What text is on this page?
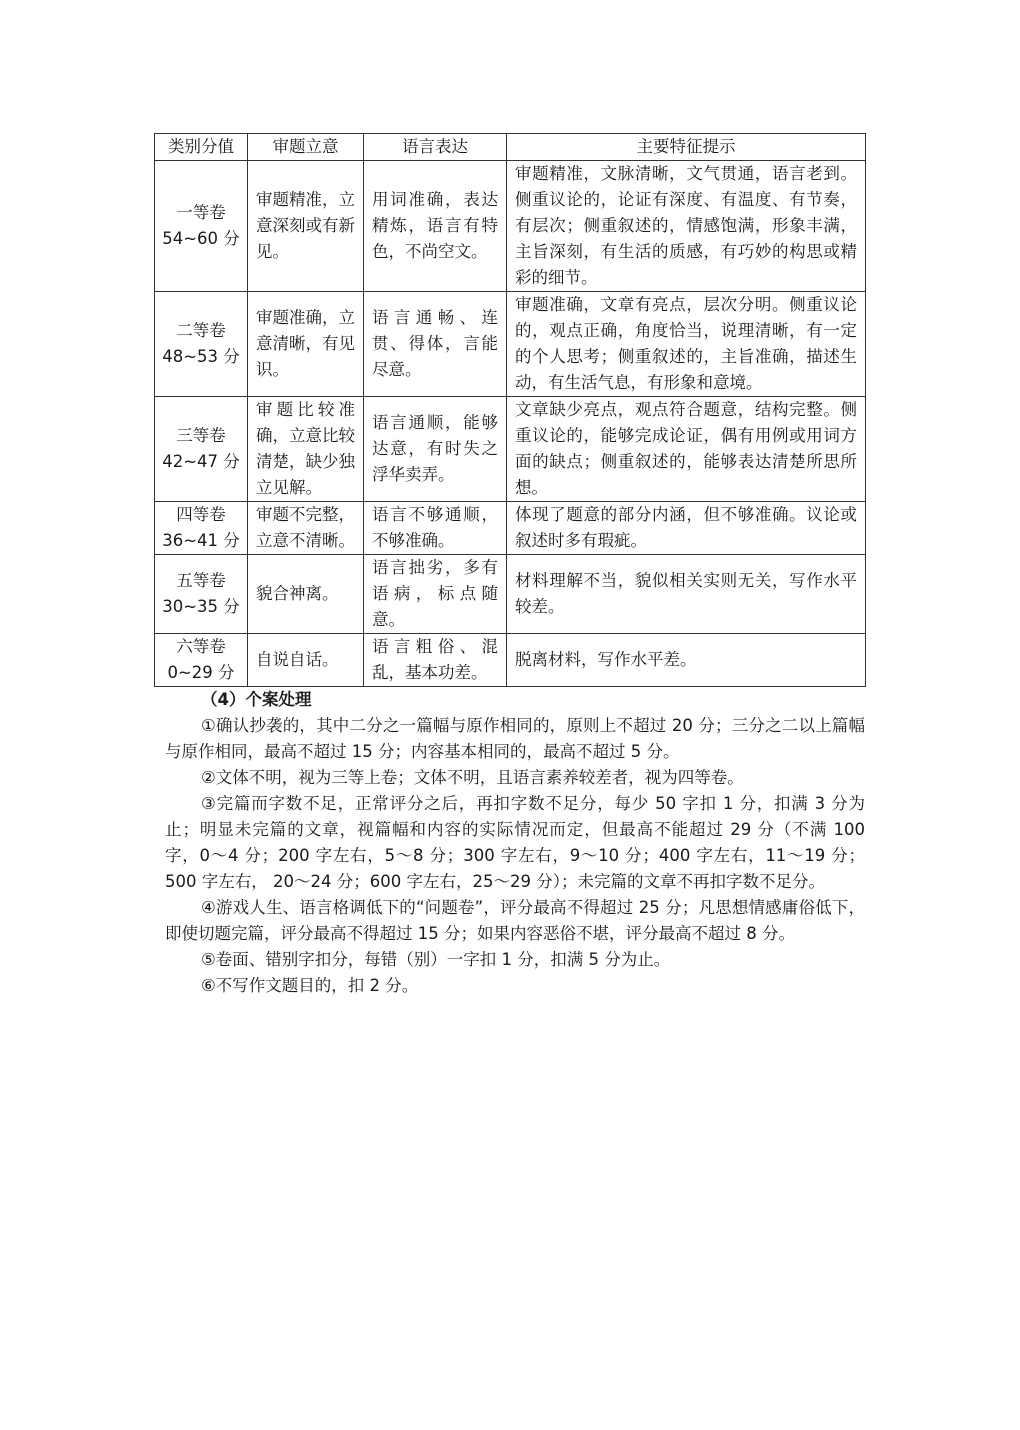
类别分值	审题立意	语言表达	主要特征提示

一等卷
54~60 分	审题精准，立意深刻或有新见。	用词准确，表达精炼，语言有特色，不尚空文。	审题精准，文脉清晰，文气贯通，语言老到。侧重议论的，论证有深度、有温度、有节奏，有层次；侧重叙述的，情感饱满，形象丰满，主旨深刻，有生活的质感，有巧妙的构思或精彩的细节。

二等卷
48~53 分	审题准确，立意清晰，有见识。	语言通畅、连贯、得体，言能尽意。	审题准确，文章有亮点，层次分明。侧重议论的，观点正确，角度恰当，说理清晰，有一定的个人思考；侧重叙述的，主旨准确，描述生动，有生活气息，有形象和意境。

三等卷
42~47 分	审题比较准确，立意比较清楚，缺少独立见解。	语言通顺，能够达意，有时失之浮华卖弄。	文章缺少亮点，观点符合题意，结构完整。侧重议论的，能够完成论证，偶有用例或用词方面的缺点；侧重叙述的，能够表达清楚所思所想。

四等卷
36~41 分	审题不完整，立意不清晰。	语言不够通顺，不够准确。	体现了题意的部分内涵，但不够准确。议论或叙述时多有瑕疵。

五等卷
30~35 分	貌合神离。	语言拙劣，多有语病，标点随意。	材料理解不当，貌似相关实则无关，写作水平较差。

六等卷
0~29 分	自说自话。	语言粗俗、混乱，基本功差。	脱离材料，写作水平差。
（4）个案处理

①确认抄袭的，其中二分之一篇幅与原作相同的，原则上不超过 20 分；三分之二以上篇幅与原作相同，最高不超过 15 分；内容基本相同的，最高不超过 5 分。

②文体不明，视为三等上卷；文体不明，且语言素养较差者，视为四等卷。

③完篇而字数不足，正常评分之后，再扣字数不足分，每少 50 字扣 1 分，扣满 3 分为止；明显未完篇的文章，视篇幅和内容的实际情况而定，但最高不能超过 29 分（不满 100 字，0～4 分；200 字左右，5～8 分；300 字左右，9～10 分；400 字左右，11～19 分；500 字左右， 20～24 分；600 字左右，25～29 分）；未完篇的文章不再扣字数不足分。

④游戏人生、语言格调低下的“问题卷”，评分最高不得超过 25 分；凡思想情感庸俗低下，即使切题完篇，评分最高不得超过 15 分；如果内容恶俗不堪，评分最高不超过 8 分。

⑤卷面、错别字扣分，每错（别）一字扣 1 分，扣满 5 分为止。

⑥不写作文题目的，扣 2 分。
